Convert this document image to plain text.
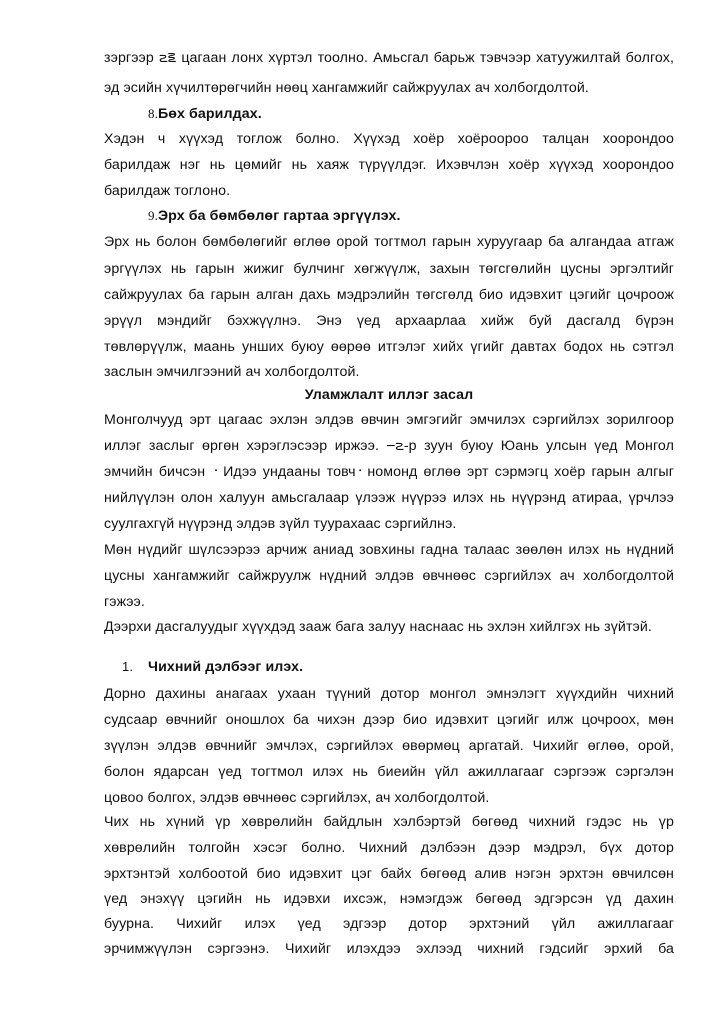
зэргээр ౽౾ цагаан лонх хүртэл тоолно. Амьсгал барьж тэвчээр хатуужилтай болгох,
эд эсийн хүчилтөрөгчийн нөөц хангамжийг сайжруулах ач холбогдолтой.
8.Бөх барилдах.
Хэдэн ч хүүхэд тоглож болно. Хүүхэд хоёр хоёроороо талцан хоорондоо
барилдаж нэг нь цөмийг нь хаяж түрүүлдэг. Ихэвчлэн хоёр хүүхэд хоорондоо
барилдаж тоглоно.
9.Эрх ба бөмбөлөг гартаа эргүүлэх.
Эрх нь болон бөмбөлөгийг өглөө орой тогтмол гарын хуруугаар ба алгандаа атгаж
эргүүлэх нь гарын жижиг булчинг хөгжүүлж, захын төгсгөлийн цусны эргэлтийг
сайжруулах ба гарын алган дахь мэдрэлийн төгсгөлд био идэвхит цэгийг цочроож
эрүүл мэндийг бэхжүүлнэ. Энэ үед архаарлаа хийж буй дасгалд бүрэн
төвлөрүүлж, маань унших буюу өөрөө итгэлэг хийх үгийг давтах бодох нь сэтгэл
заслын эмчилгээний ач холбогдолтой.
Уламжлалт иллэг засал
Монголчууд эрт цагаас эхлэн элдэв өвчин эмгэгийг эмчилэх сэргийлэх зорилгоор
иллэг заслыг өргөн хэрэглэсээр иржээ. ౼౽-р зуун буюу Юань улсын үед Монгол
эмчийн бичсэн ᠂ Идээ ундааны товч᠂ номонд өглөө эрт сэрмэгц хоёр гарын алгыг
нийлүүлэн олон халуун амьсгалаар үлээж нүүрээ илэх нь нүүрэнд атираа, үрчлээ
суулгахгүй нүүрэнд элдэв зүйл туурахаас сэргийлнэ.
Мөн нүдийг шүлсээрээ арчиж аниад зовхины гадна талаас зөөлөн илэх нь нүдний
цусны хангамжийг сайжруулж нүдний элдэв өвчнөөс сэргийлэх ач холбогдолтой
гэжээ.
Дээрхи дасгалуудыг хүүхдэд зааж бага залуу наснаас нь эхлэн хийлгэх нь зүйтэй.
1. Чихний дэлбээг илэх.
Дорно дахины анагаах ухаан түүний дотор монгол эмнэлэгт хүүхдийн чихний
судсаар өвчнийг оношлох ба чихэн дээр био идэвхит цэгийг илж цочроох, мөн
зүүлэн элдэв өвчнийг эмчлэх, сэргийлэх өвөрмөц аргатай. Чихийг өглөө, орой,
болон ядарсан үед тогтмол илэх нь биеийн үйл ажиллагааг сэргээж сэргэлэн
цовоо болгох, элдэв өвчнөөс сэргийлэх, ач холбогдолтой.
Чих нь хүний үр хөврөлийн байдлын хэлбэртэй бөгөөд чихний гэдэс нь үр
хөврөлийн толгойн хэсэг болно. Чихний дэлбээн дээр мэдрэл, бүх дотор
эрхтэнтэй холбоотой био идэвхит цэг байх бөгөөд алив нэгэн эрхтэн өвчилсөн
үед энэхүү цэгийн нь идэвхи ихсэж, нэмэгдэж бөгөөд эдгэрсэн үд дахин
буурна. Чихийг илэх үед эдгээр дотор эрхтэний үйл ажиллагааг
эрчимжүүлэн сэргээнэ. Чихийг илэхдээ эхлээд чихний гэдсийг эрхий ба
